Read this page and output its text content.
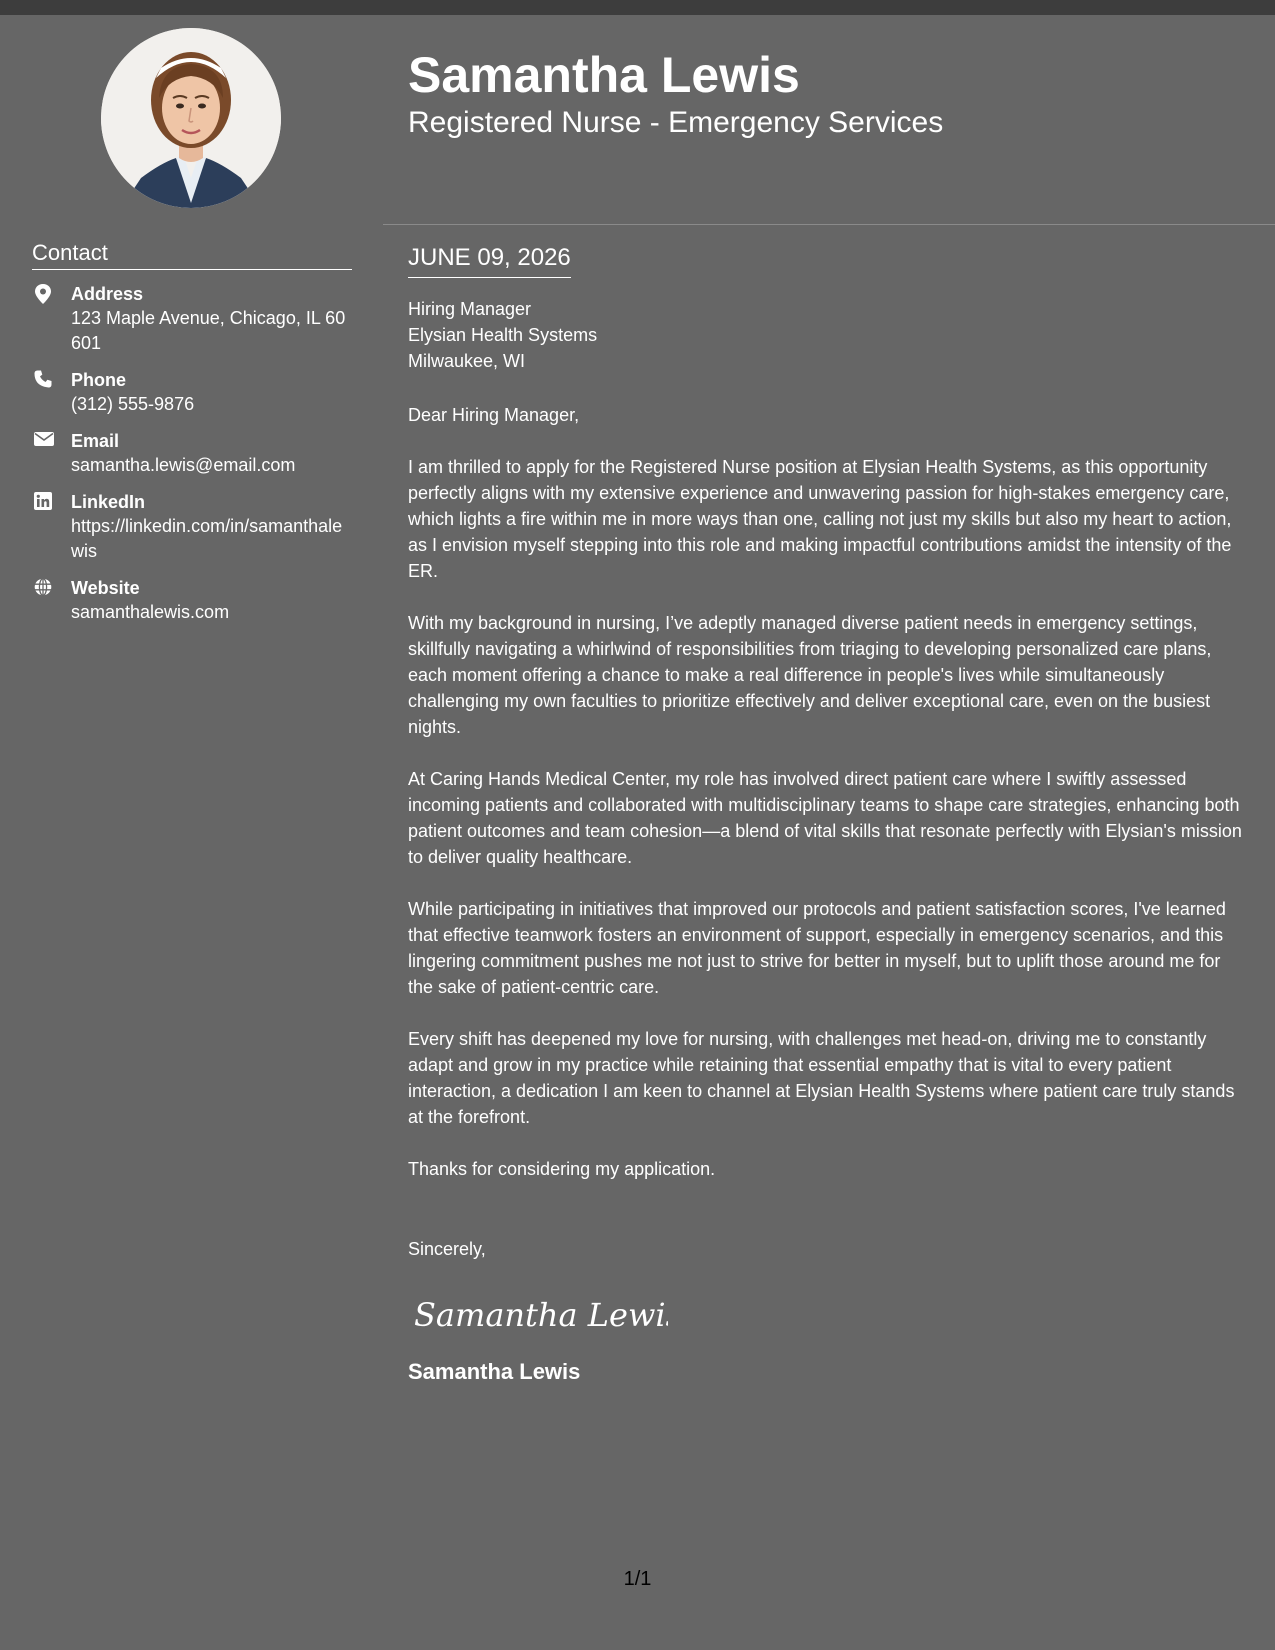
Contact
Address
123 Maple Avenue, Chicago, IL 60601
Phone
(312) 555-9876
Email
samantha.lewis@email.com
LinkedIn
https://linkedin.com/in/samanthalewis
Website
samanthalewis.com
Samantha Lewis
Registered Nurse - Emergency Services
JUNE 09, 2026
Hiring Manager
Elysian Health Systems
Milwaukee, WI
Dear Hiring Manager,
I am thrilled to apply for the Registered Nurse position at Elysian Health Systems, as this opportunity perfectly aligns with my extensive experience and unwavering passion for high-stakes emergency care, which lights a fire within me in more ways than one, calling not just my skills but also my heart to action, as I envision myself stepping into this role and making impactful contributions amidst the intensity of the ER.
With my background in nursing, I’ve adeptly managed diverse patient needs in emergency settings, skillfully navigating a whirlwind of responsibilities from triaging to developing personalized care plans, each moment offering a chance to make a real difference in people's lives while simultaneously challenging my own faculties to prioritize effectively and deliver exceptional care, even on the busiest nights.
At Caring Hands Medical Center, my role has involved direct patient care where I swiftly assessed incoming patients and collaborated with multidisciplinary teams to shape care strategies, enhancing both patient outcomes and team cohesion—a blend of vital skills that resonate perfectly with Elysian's mission to deliver quality healthcare.
While participating in initiatives that improved our protocols and patient satisfaction scores, I've learned that effective teamwork fosters an environment of support, especially in emergency scenarios, and this lingering commitment pushes me not just to strive for better in myself, but to uplift those around me for the sake of patient-centric care.
Every shift has deepened my love for nursing, with challenges met head-on, driving me to constantly adapt and grow in my practice while retaining that essential empathy that is vital to every patient interaction, a dedication I am keen to channel at Elysian Health Systems where patient care truly stands at the forefront.
Thanks for considering my application.
Sincerely,
Samantha Lewis
Samantha Lewis
1/1
